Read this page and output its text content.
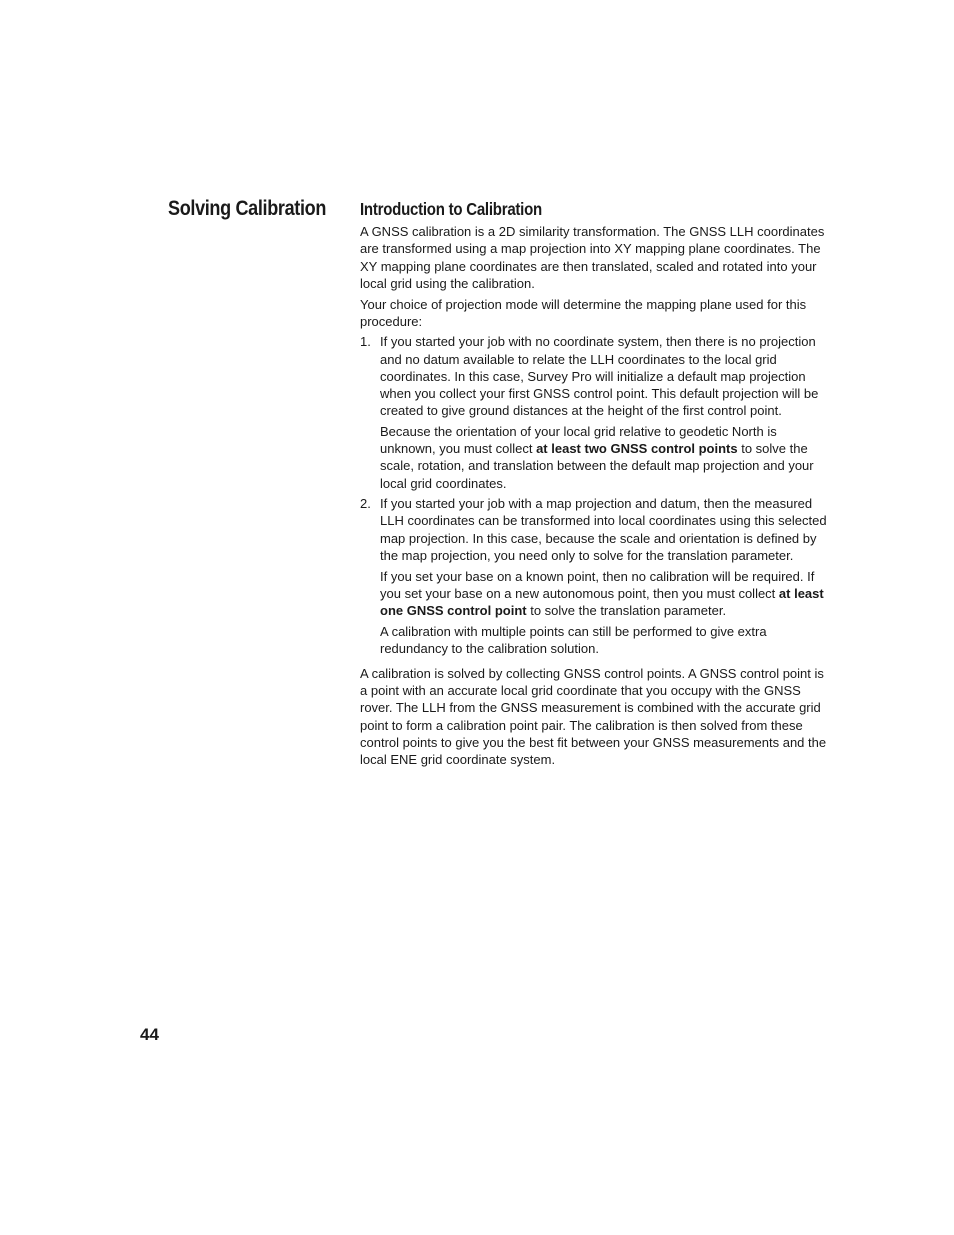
Solving Calibration Introduction to Calibration

A GNSS calibration is a 2D similarity transformation. The GNSS LLH coordinates are transformed using a map projection into XY mapping plane coordinates. The XY mapping plane coordinates are then translated, scaled and rotated into your local grid using the calibration.

Your choice of projection mode will determine the mapping plane used for this procedure:

1. If you started your job with no coordinate system, then there is no projection and no datum available to relate the LLH coordinates to the local grid coordinates. In this case, Survey Pro will initialize a default map projection when you collect your first GNSS control point. This default projection will be created to give ground distances at the height of the first control point.

Because the orientation of your local grid relative to geodetic North is unknown, you must collect at least two GNSS control points to solve the scale, rotation, and translation between the default map projection and your local grid coordinates.

2. If you started your job with a map projection and datum, then the measured LLH coordinates can be transformed into local coordinates using this selected map projection. In this case, because the scale and orientation is defined by the map projection, you need only to solve for the translation parameter.

If you set your base on a known point, then no calibration will be required. If you set your base on a new autonomous point, then you must collect at least one GNSS control point to solve the translation parameter.

A calibration with multiple points can still be performed to give extra redundancy to the calibration solution.

A calibration is solved by collecting GNSS control points. A GNSS control point is a point with an accurate local grid coordinate that you occupy with the GNSS rover. The LLH from the GNSS measurement is combined with the accurate grid point to form a calibration point pair. The calibration is then solved from these control points to give you the best fit between your GNSS measurements and the local ENE grid coordinate system.

44
